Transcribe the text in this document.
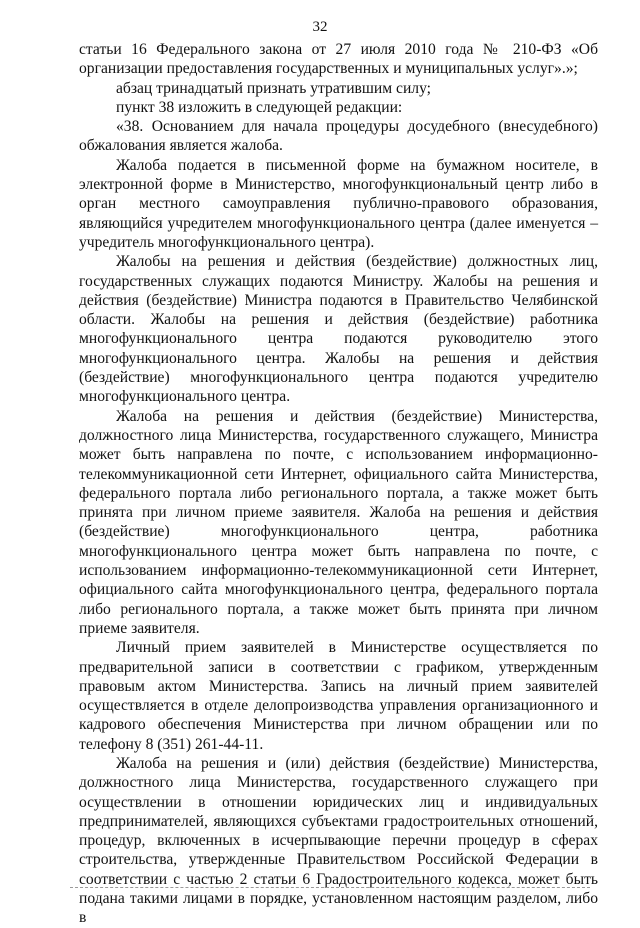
32

статьи 16 Федерального закона от 27 июля 2010 года № 210-ФЗ «Об организации предоставления государственных и муниципальных услуг».»;

абзац тринадцатый признать утратившим силу;

пункт 38 изложить в следующей редакции:

«38. Основанием для начала процедуры досудебного (внесудебного) обжалования является жалоба.

Жалоба подается в письменной форме на бумажном носителе, в электронной форме в Министерство, многофункциональный центр либо в орган местного самоуправления публично-правового образования, являющийся учредителем многофункционального центра (далее именуется – учредитель многофункционального центра).

Жалобы на решения и действия (бездействие) должностных лиц, государственных служащих подаются Министру. Жалобы на решения и действия (бездействие) Министра подаются в Правительство Челябинской области. Жалобы на решения и действия (бездействие) работника многофункционального центра подаются руководителю этого многофункционального центра. Жалобы на решения и действия (бездействие) многофункционального центра подаются учредителю многофункционального центра.

Жалоба на решения и действия (бездействие) Министерства, должностного лица Министерства, государственного служащего, Министра может быть направлена по почте, с использованием информационно-телекоммуникационной сети Интернет, официального сайта Министерства, федерального портала либо регионального портала, а также может быть принята при личном приеме заявителя. Жалоба на решения и действия (бездействие) многофункционального центра, работника многофункционального центра может быть направлена по почте, с использованием информационно-телекоммуникационной сети Интернет, официального сайта многофункционального центра, федерального портала либо регионального портала, а также может быть принята при личном приеме заявителя.

Личный прием заявителей в Министерстве осуществляется по предварительной записи в соответствии с графиком, утвержденным правовым актом Министерства. Запись на личный прием заявителей осуществляется в отделе делопроизводства управления организационного и кадрового обеспечения Министерства при личном обращении или по телефону 8 (351) 261-44-11.

Жалоба на решения и (или) действия (бездействие) Министерства, должностного лица Министерства, государственного служащего при осуществлении в отношении юридических лиц и индивидуальных предпринимателей, являющихся субъектами градостроительных отношений, процедур, включенных в исчерпывающие перечни процедур в сферах строительства, утвержденные Правительством Российской Федерации в соответствии с частью 2 статьи 6 Градостроительного кодекса, может быть подана такими лицами в порядке, установленном настоящим разделом, либо в
